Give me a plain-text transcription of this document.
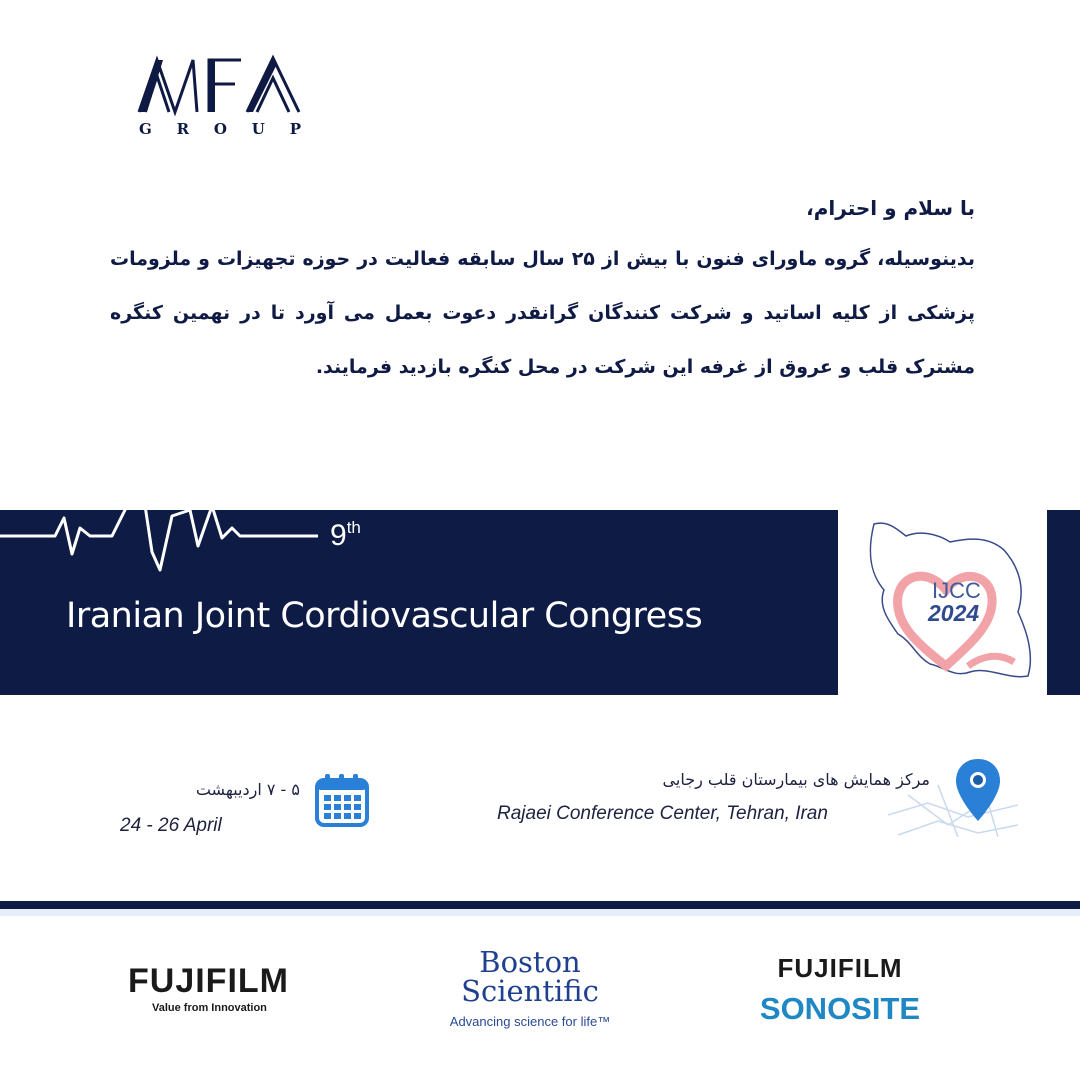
G R O U P
با سلام و احترام،
بدینوسیله، گروه ماورای فنون با بیش از ۲۵ سال سابقه فعالیت در حوزه تجهیزات و ملزومات پزشکی از کلیه اساتید و شرکت کنندگان گرانقدر دعوت بعمل می آورد تا در نهمین کنگره مشترک قلب و عروق از غرفه این شرکت در محل کنگره بازدید فرمایند.
9th
Iranian Joint Cordiovascular Congress
IJCC
2024
مرکز همایش های بیمارستان قلب رجایی
Rajaei Conference Center, Tehran, Iran
۵ - ۷ اردیبهشت
24 - 26 April
FUJIFILM
Value from Innovation
Boston
Scientific
Advancing science for life™
FUJIFILM
SONOSITE
